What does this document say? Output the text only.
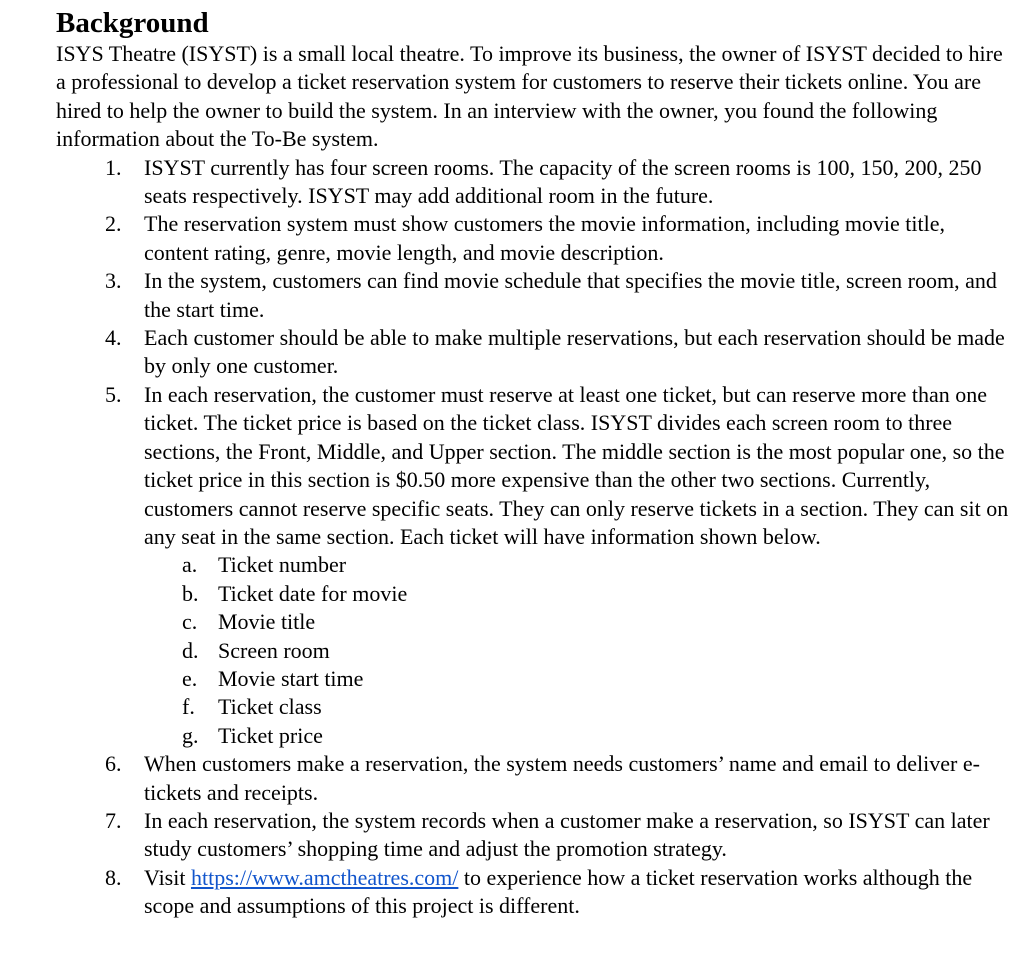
Background

ISYS Theatre (ISYST) is a small local theatre. To improve its business, the owner of ISYST decided to hire a professional to develop a ticket reservation system for customers to reserve their tickets online. You are hired to help the owner to build the system. In an interview with the owner, you found the following information about the To-Be system.

1. ISYST currently has four screen rooms. The capacity of the screen rooms is 100, 150, 200, 250 seats respectively. ISYST may add additional room in the future.
2. The reservation system must show customers the movie information, including movie title, content rating, genre, movie length, and movie description.
3. In the system, customers can find movie schedule that specifies the movie title, screen room, and the start time.
4. Each customer should be able to make multiple reservations, but each reservation should be made by only one customer.
5. In each reservation, the customer must reserve at least one ticket, but can reserve more than one ticket. The ticket price is based on the ticket class. ISYST divides each screen room to three sections, the Front, Middle, and Upper section. The middle section is the most popular one, so the ticket price in this section is $0.50 more expensive than the other two sections. Currently, customers cannot reserve specific seats. They can only reserve tickets in a section. They can sit on any seat in the same section. Each ticket will have information shown below.
a. Ticket number
b. Ticket date for movie
c. Movie title
d. Screen room
e. Movie start time
f. Ticket class
g. Ticket price
6. When customers make a reservation, the system needs customers’ name and email to deliver e-tickets and receipts.
7. In each reservation, the system records when a customer make a reservation, so ISYST can later study customers’ shopping time and adjust the promotion strategy.
8. Visit https://www.amctheatres.com/ to experience how a ticket reservation works although the scope and assumptions of this project is different.
